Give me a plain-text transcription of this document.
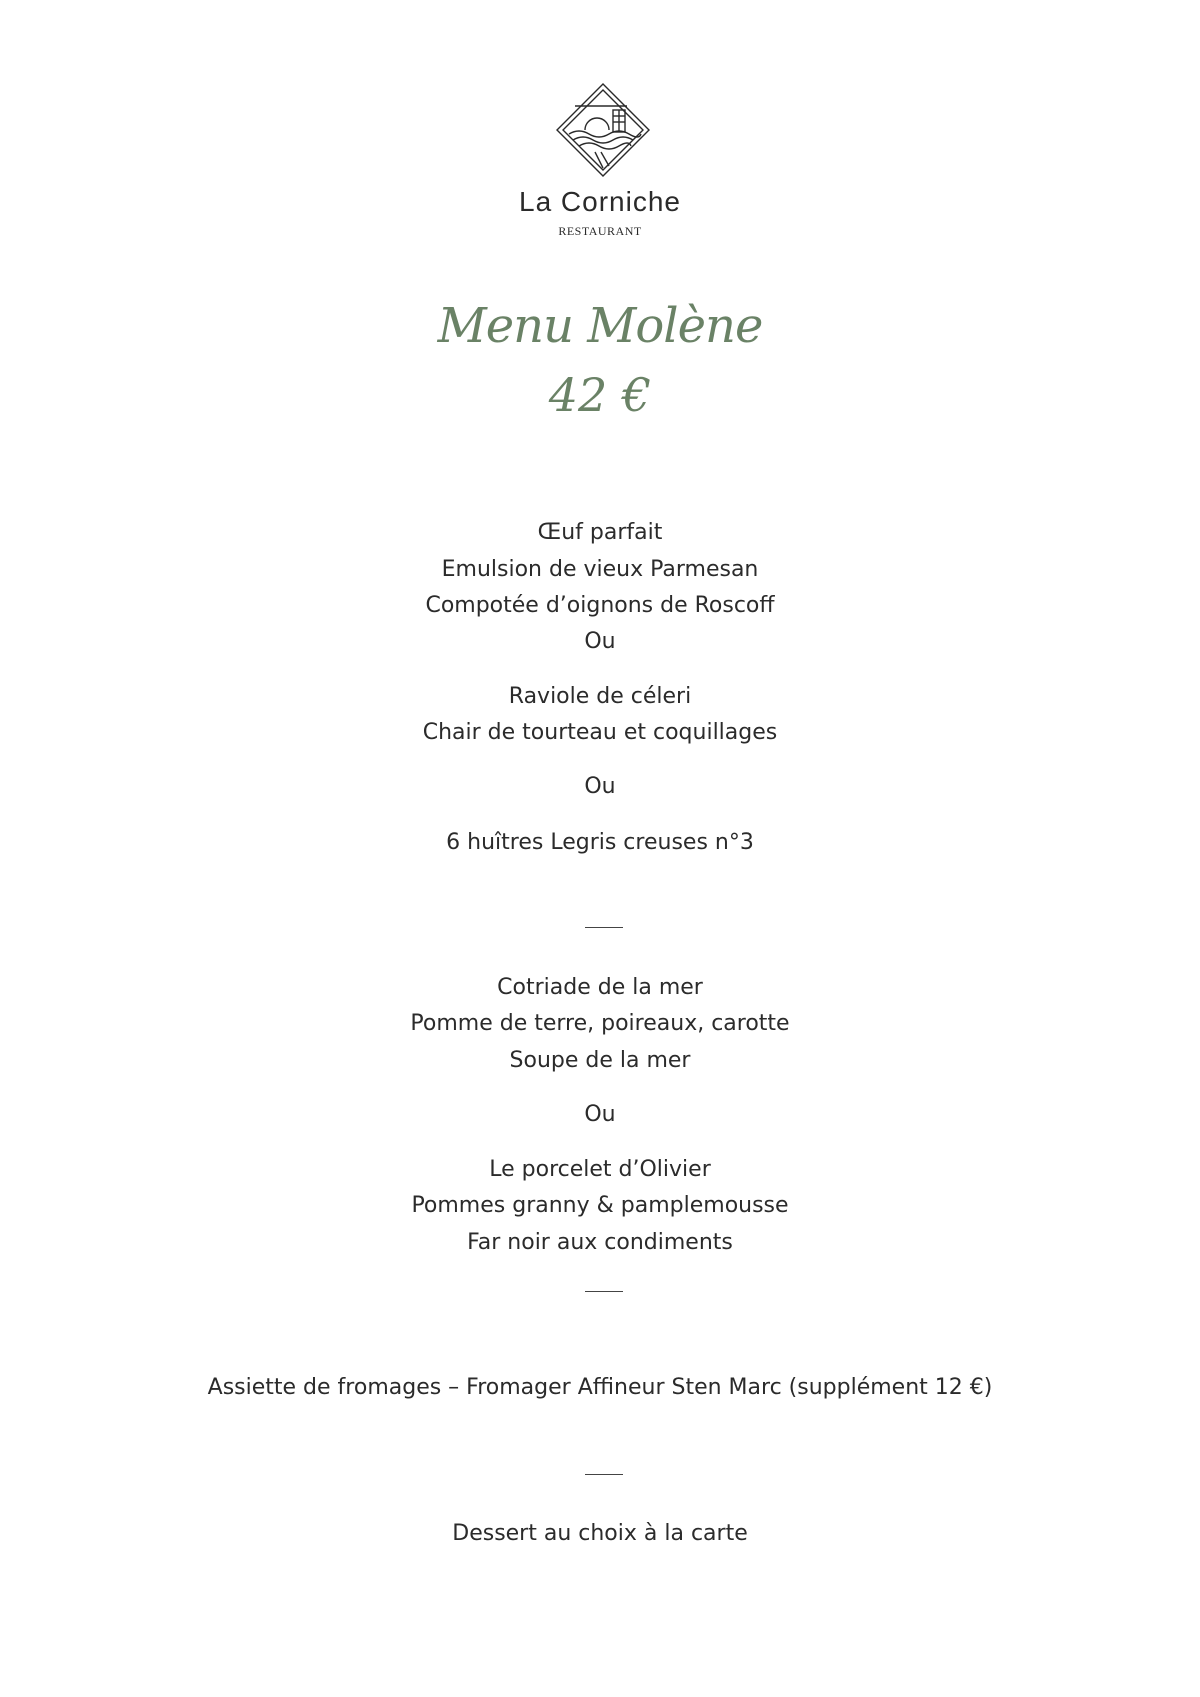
La Corniche
RESTAURANT
Menu Molène
42 €
Œuf parfait
Emulsion de vieux Parmesan
Compotée d’oignons de Roscoff
Ou
Raviole de céleri
Chair de tourteau et coquillages
Ou
6 huîtres Legris creuses n°3
Cotriade de la mer
Pomme de terre, poireaux, carotte
Soupe de la mer
Ou
Le porcelet d’Olivier
Pommes granny & pamplemousse
Far noir aux condiments
Assiette de fromages – Fromager Affineur Sten Marc (supplément 12 €)
Dessert au choix à la carte
